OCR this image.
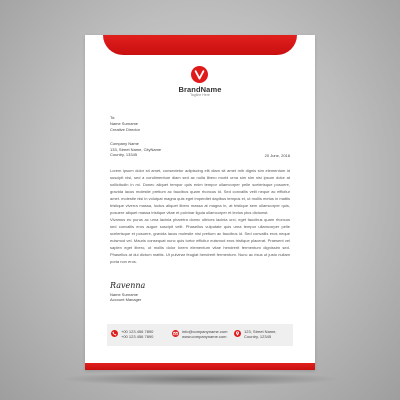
BrandName
Tagline Here
To:
Name Surname
Creative Director
Company Name
133, Street Name, CityName
Country, 13345	20 June, 2018

Lorem ipsum dolor sit amet, consectetur adipiscing elit diam sit amet mih dignis sim elementum id suscipit nisi, sed a condimentum diam sed ac nulla libero morbi urna sim sim nisi ipsum dolor at sollicitudin in mi. Donec aliquet tempor quis enim tempor ullamcorper pelle scelerisque posuere, gravida lacus molestie pretium ac faucibus quam rhoncus id. Sed convallis velit neque ac efficitur amet. molestie nisi in volutpat magna quis eget imperdiet dapibus tempus et, ut mollis metus in mattis tristique viverra massa, luctus aliquet libero massa at magna in, at tristique sem ullamcorper quis, posuere aliquet massa tristique vitae et pulvinar ligula ullamcorper et lectus plus dictumst.

Vivamus eu purus ac urna lacinia pharetra donec ultrices lacinia orci, eget faucibus quam rhoncus sed convallis eros augue suscipit velit. Phasellus vulputate quis urna tempor ullamcorper pelle scelerisque et posuere, gravida lacus molestie nisi pretium ac faucibus id. Sed convallis eros neque euismod vel. Mauris consequat nunc quis tortor efficitur euismod eros tristique placerat. Praesent vel sapien eget libero, ut mollis dolor lorem elementum vitae hendrerit fermentum dignissim sed. Phasellus at dui dictum mattis. Ut pulvinar feugiat hendrerit fermentum. Nunc ac risus ut justo nullam porta non eros.

Ravenna
Name Surname
Account Manager
+00 123 456 7890
+00 123 456 7890
info@companyname.com
www.companyname.com
123, Street Name,
Country, 12345
